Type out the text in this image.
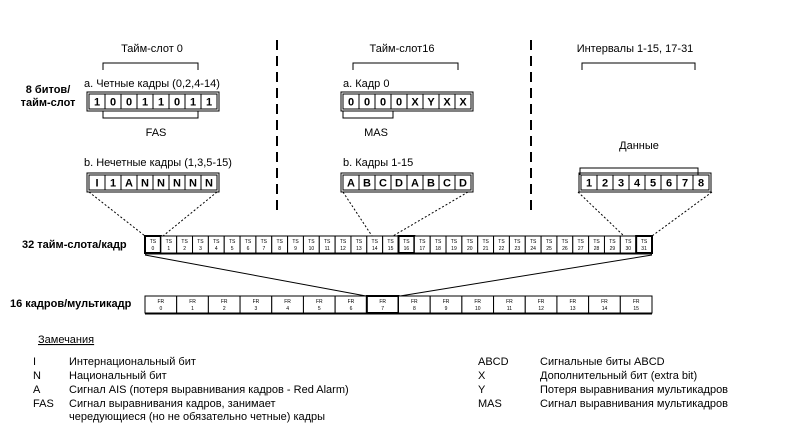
Тайм-слот 0	Тайм-слот16	Интервалы 1-15, 17-31
8 битов/
тайм-слот
a. Четные кадры (0,2,4-14)	a. Кадр 0
b. Нечетные кадры (1,3,5-15)	b. Кадры 1-15
Данные
FAS	MAS
1 0 0 1 1 0 1 1
I 1 A N N N N N
0 0 0 0 X Y X X
A B C D A B C D	1 2 3 4 5 6 7 8
32 тайм-слота/кадр	TS
0
TS
1
TS
2
TS
3
TS
4
TS
5
TS
6
TS
7
TS
8
TS
9
TS
10
TS
11
TS
12
TS
13
TS
14
TS
15
TS
16
TS
17
TS
18
TS
19
TS
20
TS
21
TS
22
TS
23
TS
24
TS
25
TS
26
TS
27
TS
28
TS
29
TS
30
TS
31
16 кадров/мультикадр	FR
0
FR
1
FR
2
FR
3
FR
4
FR
5
FR
6
FR
7
FR
8
FR
9
FR
10
FR
11
FR
12
FR
13
FR
14
FR
15
Замечания
I	Интернациональный бит
N	Национальный бит
A	Сигнал AIS (потеря выравнивания кадров - Red Alarm)
FAS Сигнал выравнивания кадров, занимает
чередующиеся (но не обязательно четные) кадры
ABCD	Сигнальные биты ABCD
X	Дополнительный бит (extra bit)
Y	Потеря выравнивания мультикадров
MAS	Сигнал выравнивания мультикадров
